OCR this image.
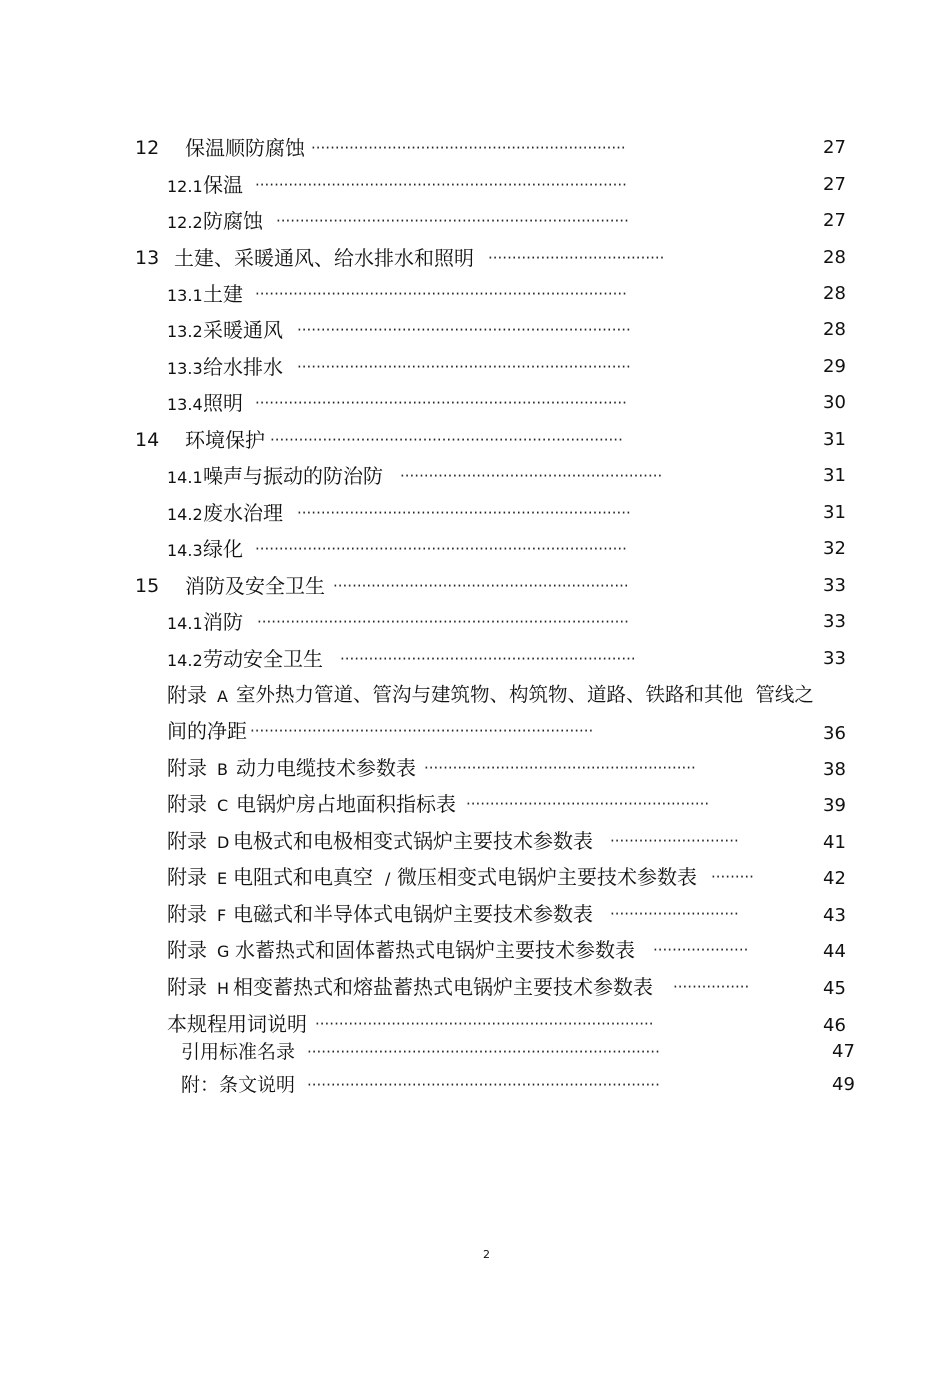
12 保温顺防腐蚀 ··································································	27
12.1 保温 ··············································································	27
12.2 防腐蚀 ··········································································	27
13 土建、采暖通风、给水排水和照明 ·····································	28
13.1 土建 ··············································································	28
13.2 采暖通风 ······································································	28
13.3 给水排水 ······································································	29
13.4 照明 ··············································································	30
14 环境保护 ··········································································	31
14.1 噪声与振动的防治防 ·······················································	31
14.2 废水治理 ······································································	31
14.3 绿化 ··············································································	32
15 消防及安全卫生 ······························································	33
14.1 消防 ··············································································	33
14.2 劳动安全卫生 ······························································	33
附录 A 室外热力管道、管沟与建筑物、构筑物、道路、铁路和其他  管线之
间的净距 ········································································	36
附录 B 动力电缆技术参数表 ·························································	38
附录 C 电锅炉房占地面积指标表 ···················································	39
附录 D 电极式和电极相变式锅炉主要技术参数表 ···························	41
附录 E 电阻式和电真空 / 微压相变式电锅炉主要技术参数表 ·········	42
附录 F 电磁式和半导体式电锅炉主要技术参数表 ···························	43
附录 G 水蓄热式和固体蓄热式电锅炉主要技术参数表 ····················	44
附录 H 相变蓄热式和熔盐蓄热式电锅炉主要技术参数表 ················	45
本规程用词说明 ·······································································	46
引用标准名录 ··········································································	47
附：条文说明 ··········································································	49
2
